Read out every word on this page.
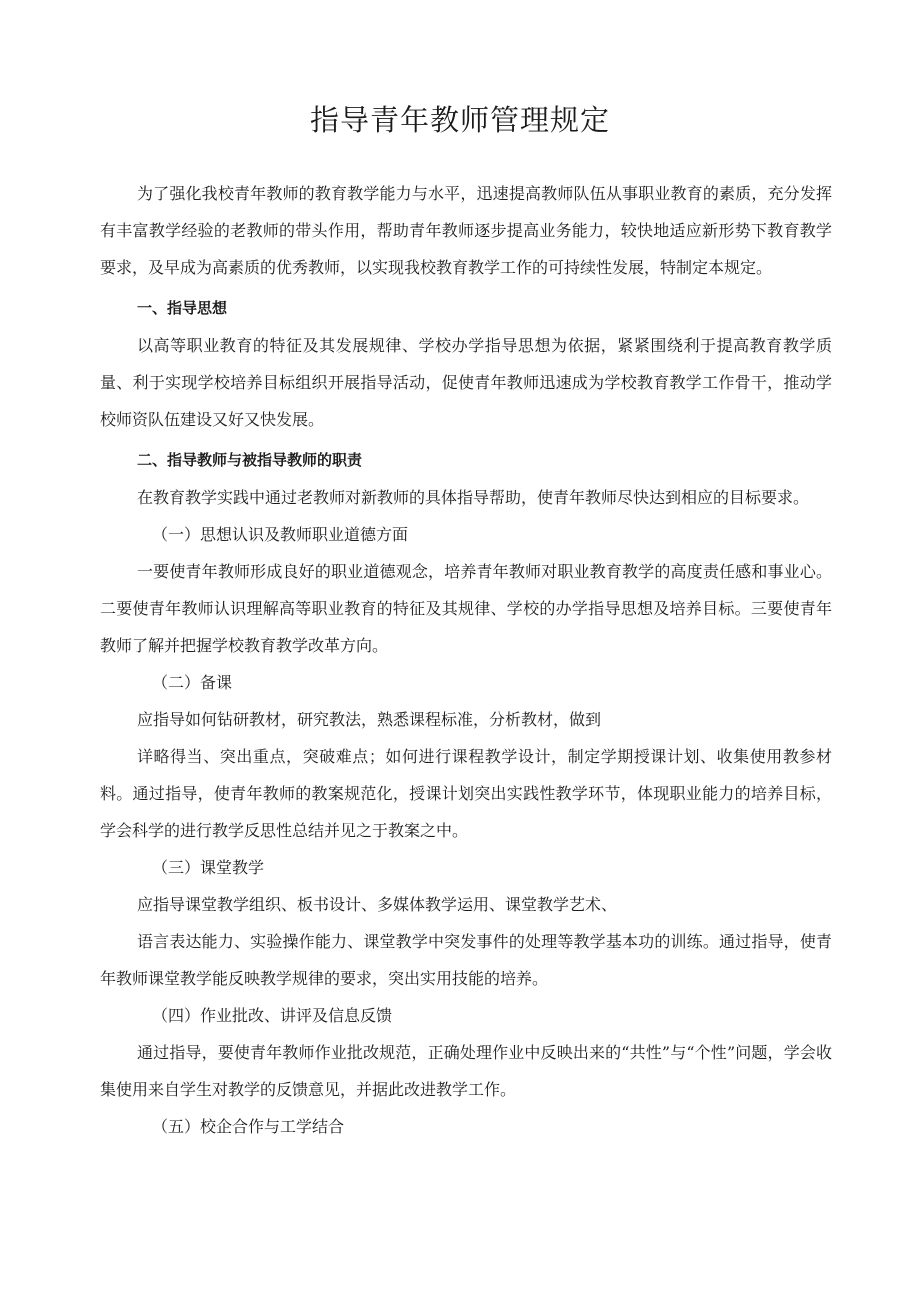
指导青年教师管理规定

为了强化我校青年教师的教育教学能力与水平，迅速提高教师队伍从事职业教育的素质，充分发挥有丰富教学经验的老教师的带头作用，帮助青年教师逐步提高业务能力，较快地适应新形势下教育教学要求，及早成为高素质的优秀教师，以实现我校教育教学工作的可持续性发展，特制定本规定。

一、指导思想

以高等职业教育的特征及其发展规律、学校办学指导思想为依据，紧紧围绕利于提高教育教学质量、利于实现学校培养目标组织开展指导活动，促使青年教师迅速成为学校教育教学工作骨干，推动学校师资队伍建设又好又快发展。

二、指导教师与被指导教师的职责

在教育教学实践中通过老教师对新教师的具体指导帮助，使青年教师尽快达到相应的目标要求。

（一）思想认识及教师职业道德方面

一要使青年教师形成良好的职业道德观念，培养青年教师对职业教育教学的高度责任感和事业心。二要使青年教师认识理解高等职业教育的特征及其规律、学校的办学指导思想及培养目标。三要使青年教师了解并把握学校教育教学改革方向。

（二）备课

应指导如何钻研教材，研究教法，熟悉课程标准，分析教材，做到

详略得当、突出重点，突破难点；如何进行课程教学设计，制定学期授课计划、收集使用教参材料。通过指导，使青年教师的教案规范化，授课计划突出实践性教学环节，体现职业能力的培养目标，学会科学的进行教学反思性总结并见之于教案之中。

（三）课堂教学

应指导课堂教学组织、板书设计、多媒体教学运用、课堂教学艺术、

语言表达能力、实验操作能力、课堂教学中突发事件的处理等教学基本功的训练。通过指导，使青年教师课堂教学能反映教学规律的要求，突出实用技能的培养。

（四）作业批改、讲评及信息反馈

通过指导，要使青年教师作业批改规范，正确处理作业中反映出来的“共性”与“个性”问题，学会收集使用来自学生对教学的反馈意见，并据此改进教学工作。

（五）校企合作与工学结合
